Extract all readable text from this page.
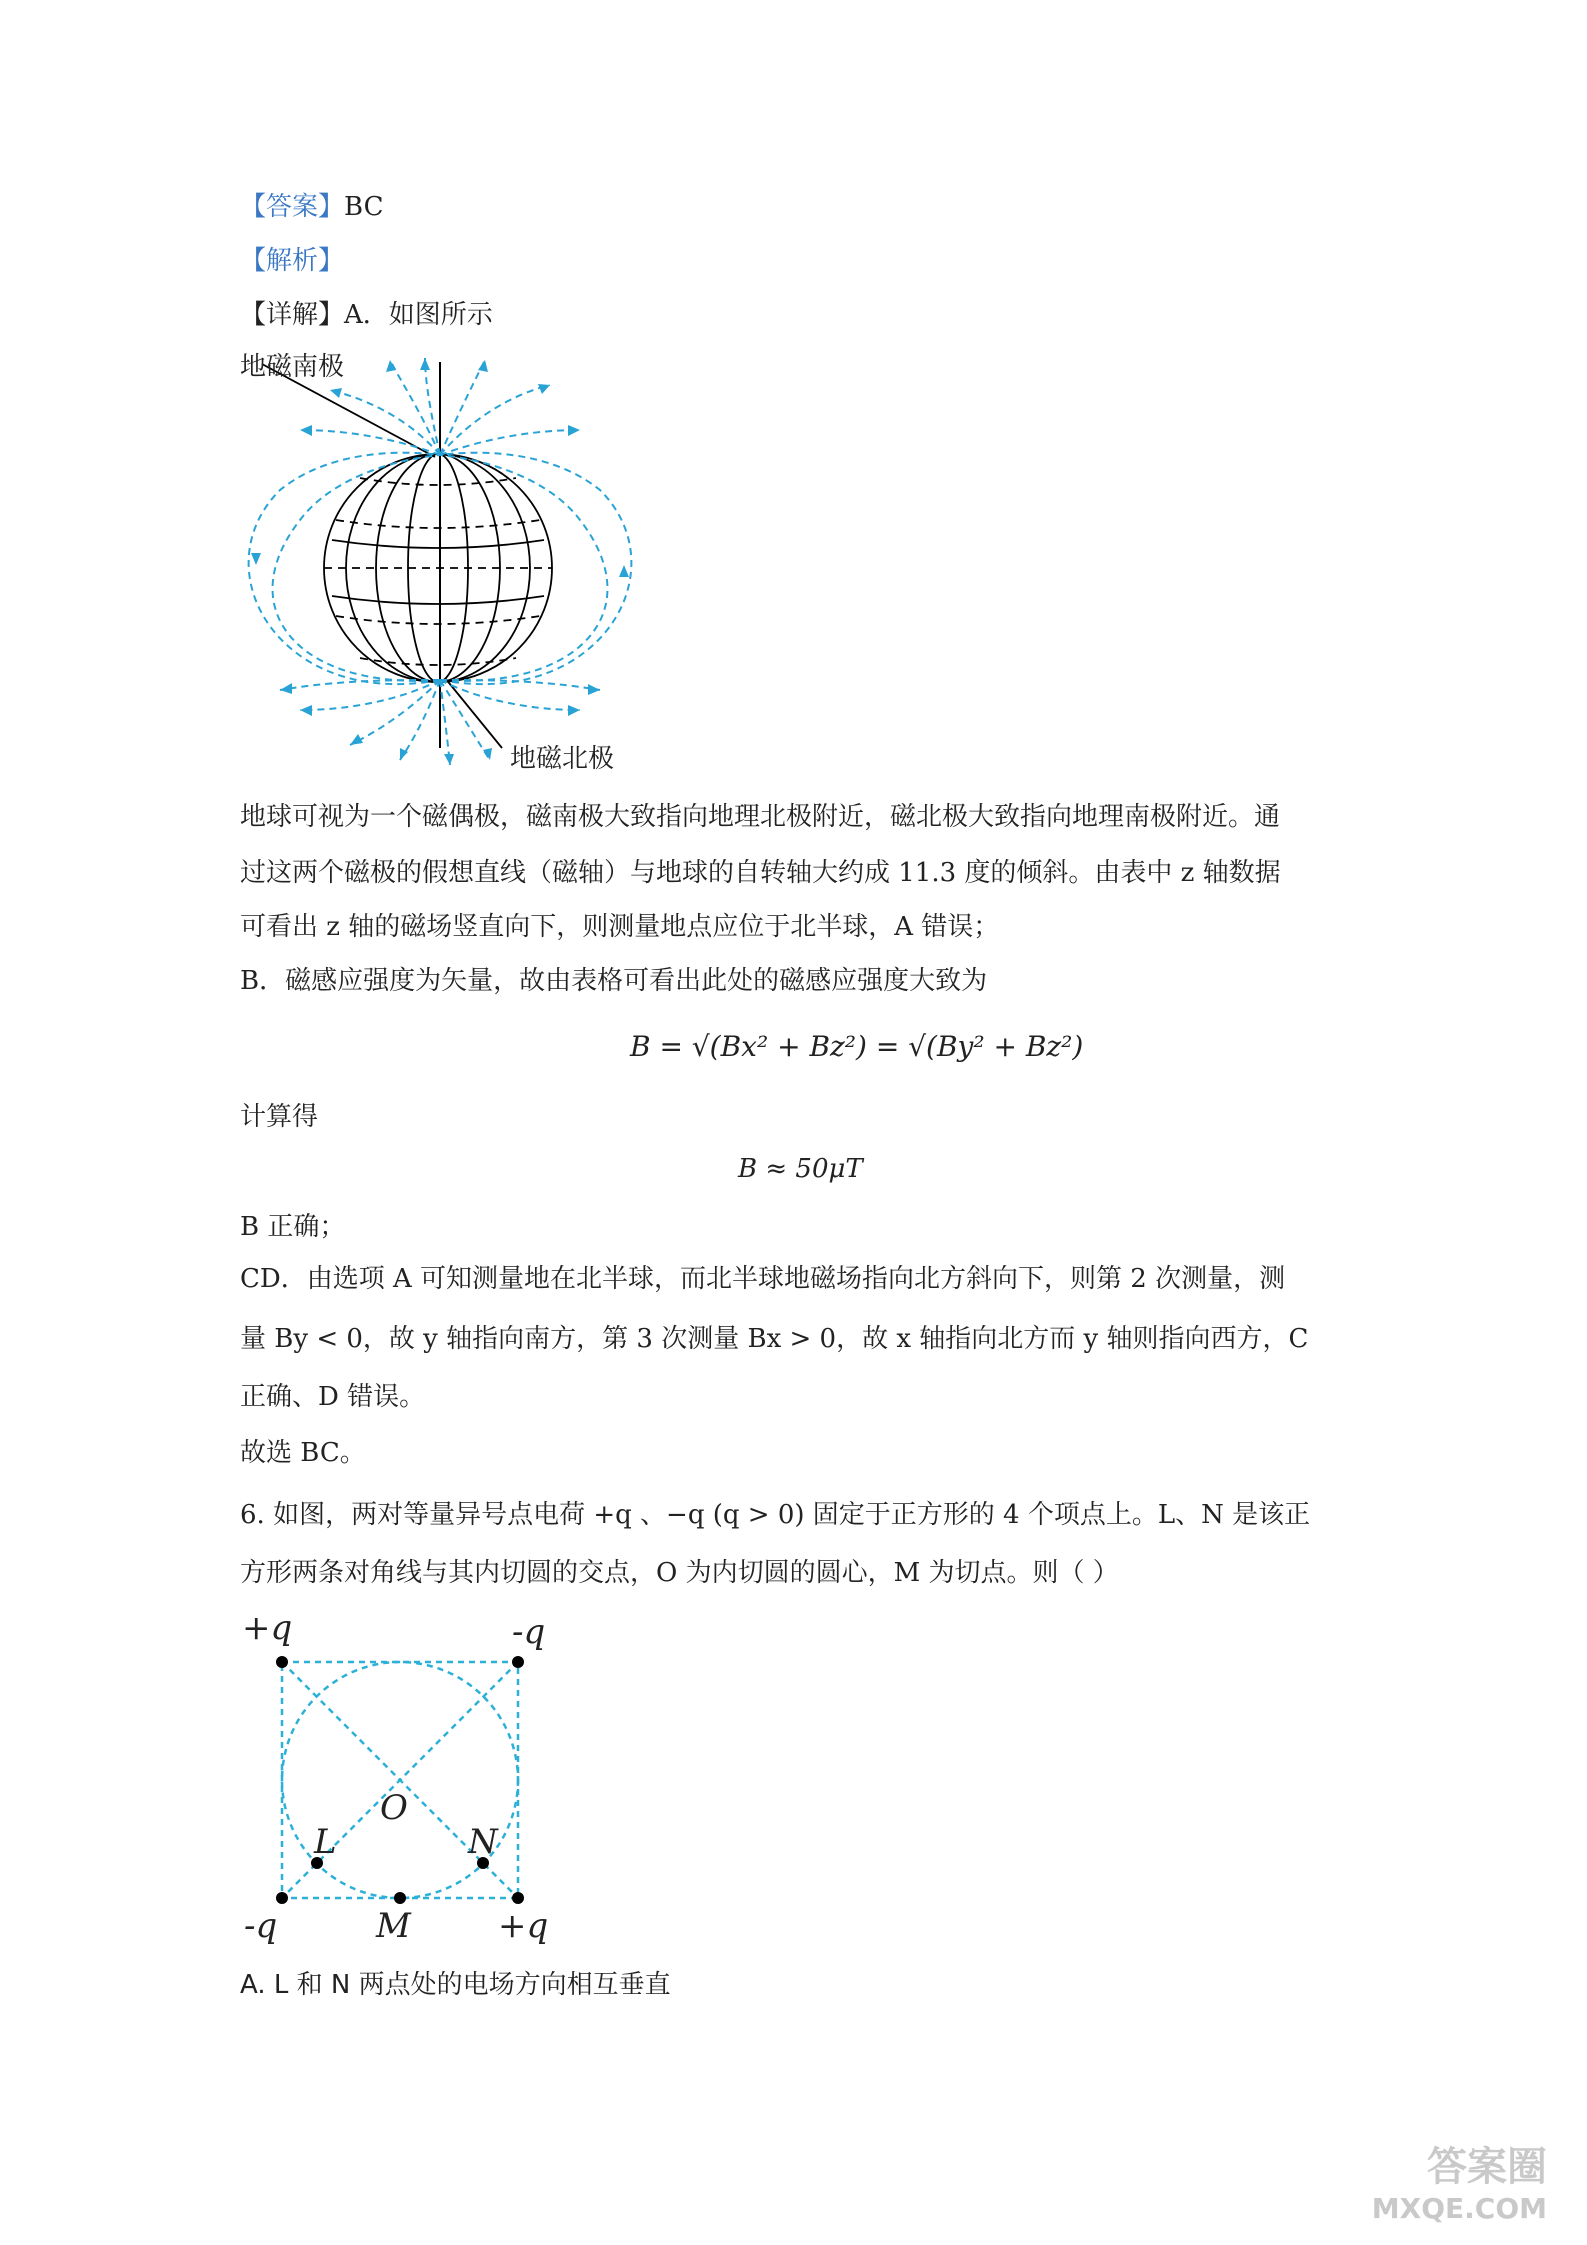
【答案】BC
【解析】
【详解】A．如图所示
地磁南极
地磁北极
地球可视为一个磁偶极，磁南极大致指向地理北极附近，磁北极大致指向地理南极附近。通
过这两个磁极的假想直线（磁轴）与地球的自转轴大约成 11.3 度的倾斜。由表中 z 轴数据
可看出 z 轴的磁场竖直向下，则测量地点应位于北半球，A 错误；
B．磁感应强度为矢量，故由表格可看出此处的磁感应强度大致为
B = √(Bx² + Bz²) = √(By² + Bz²)
计算得
B ≈ 50μT
B 正确；
CD．由选项 A 可知测量地在北半球，而北半球地磁场指向北方斜向下，则第 2 次测量，测
量 By < 0，故 y 轴指向南方，第 3 次测量 Bx > 0，故 x 轴指向北方而 y 轴则指向西方，C
正确、D 错误。
故选 BC。
6. 如图，两对等量异号点电荷 +q 、−q (q > 0) 固定于正方形的 4 个项点上。L、N 是该正
方形两条对角线与其内切圆的交点，O 为内切圆的圆心，M 为切点。则（ ）
+q	-q
-q	+q
L	N
O
M
A. L 和 N 两点处的电场方向相互垂直
答案圈
MXQE.COM
